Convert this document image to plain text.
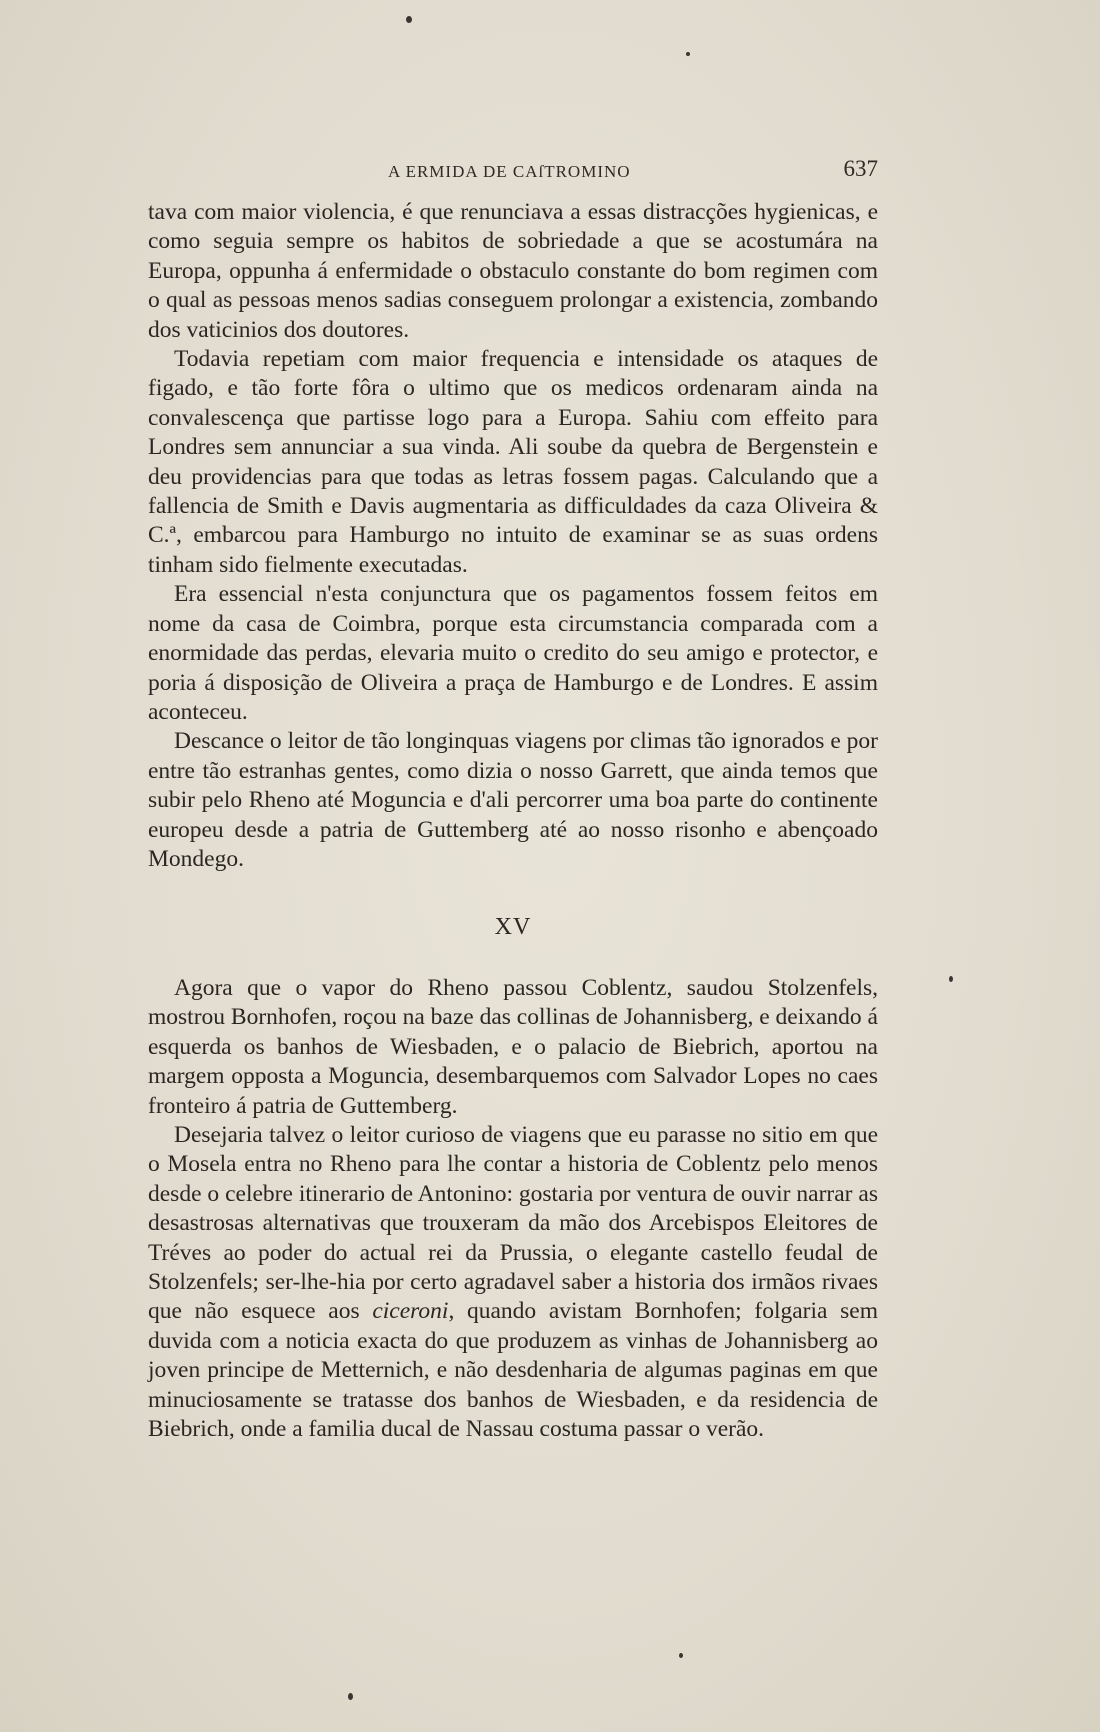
A ERMIDA DE CAſTROMINO	637

tava com maior violencia, é que renunciava a essas distracções hygienicas, e como seguia sempre os habitos de sobriedade a que se acostumára na Europa, oppunha á enfermidade o obstaculo constante do bom regimen com o qual as pessoas menos sadias conseguem prolongar a existencia, zombando dos vaticinios dos doutores.

Todavia repetiam com maior frequencia e intensidade os ataques de figado, e tão forte fôra o ultimo que os medicos ordenaram ainda na convalescença que partisse logo para a Europa. Sahiu com effeito para Londres sem annunciar a sua vinda. Ali soube da quebra de Bergenstein e deu providencias para que todas as letras fossem pagas. Calculando que a fallencia de Smith e Davis augmentaria as difficuldades da caza Oliveira & C.ª, embarcou para Hamburgo no intuito de examinar se as suas ordens tinham sido fielmente executadas.

Era essencial n'esta conjunctura que os pagamentos fossem feitos em nome da casa de Coimbra, porque esta circumstancia comparada com a enormidade das perdas, elevaria muito o credito do seu amigo e protector, e poria á disposição de Oliveira a praça de Hamburgo e de Londres. E assim aconteceu.

Descance o leitor de tão longinquas viagens por climas tão ignorados e por entre tão estranhas gentes, como dizia o nosso Garrett, que ainda temos que subir pelo Rheno até Moguncia e d'ali percorrer uma boa parte do continente europeu desde a patria de Guttemberg até ao nosso risonho e abençoado Mondego.

XV

Agora que o vapor do Rheno passou Coblentz, saudou Stolzenfels, mostrou Bornhofen, roçou na baze das collinas de Johannisberg, e deixando á esquerda os banhos de Wiesbaden, e o palacio de Biebrich, aportou na margem opposta a Moguncia, desembarquemos com Salvador Lopes no caes fronteiro á patria de Guttemberg.

Desejaria talvez o leitor curioso de viagens que eu parasse no sitio em que o Mosela entra no Rheno para lhe contar a historia de Coblentz pelo menos desde o celebre itinerario de Antonino: gostaria por ventura de ouvir narrar as desastrosas alternativas que trouxeram da mão dos Arcebispos Eleitores de Tréves ao poder do actual rei da Prussia, o elegante castello feudal de Stolzenfels; ser-lhe-hia por certo agradavel saber a historia dos irmãos rivaes que não esquece aos ciceroni, quando avistam Bornhofen; folgaria sem duvida com a noticia exacta do que produzem as vinhas de Johannisberg ao joven principe de Metternich, e não desdenharia de algumas paginas em que minuciosamente se tratasse dos banhos de Wiesbaden, e da residencia de Biebrich, onde a familia ducal de Nassau costuma passar o verão.
